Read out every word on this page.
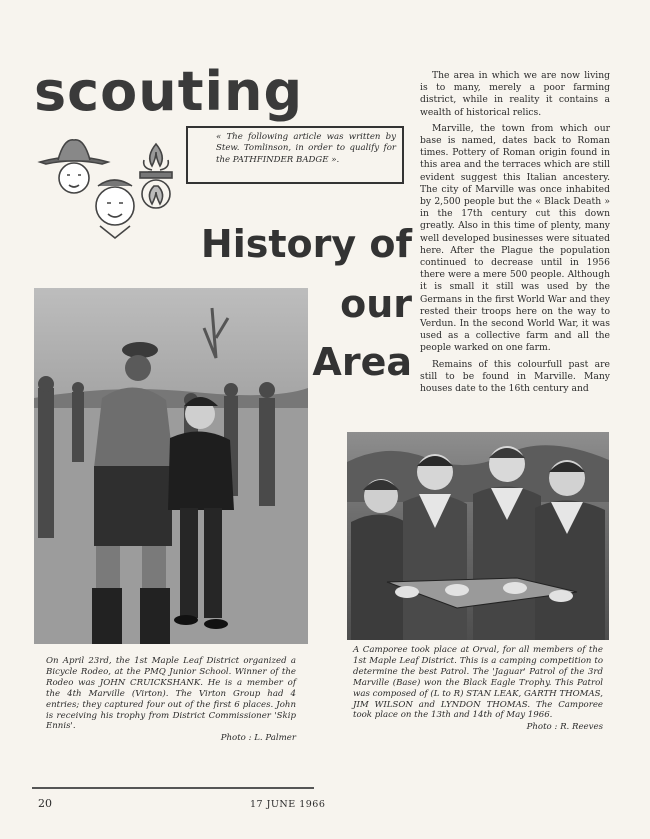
scouting
« The following article was written by Stew. Tomlinson, in order to qualify for the PATHFINDER BADGE ».
History of
our
Area

The area in which we are now living is to many, merely a poor farming district, while in reality it contains a wealth of historical relics.

Marville, the town from which our base is named, dates back to Roman times. Pottery of Roman origin found in this area and the terraces which are still evident suggest this Italian ancestery. The city of Marville was once inhabited by 2,500 people but the « Black Death » in the 17th century cut this down greatly. Also in this time of plenty, many well developed businesses were situated here. After the Plague the population continued to decrease until in 1956 there were a mere 500 people. Although it is small it still was used by the Germans in the first World War and they rested their troops here on the way to Verdun. In the second World War, it was used as a collective farm and all the people warked on one farm.

Remains of this colourfull past are still to be found in Marville. Many houses date to the 16th century and

On April 23rd, the 1st Maple Leaf District organized a Bicycle Rodeo, at the PMQ Junior School. Winner of the Rodeo was JOHN CRUICKSHANK. He is a member of the 4th Marville (Virton). The Virton Group had 4 entries; they captured four out of the first 6 places. John is receiving his trophy from District Commissioner 'Skip Ennis'.
Photo : L. Palmer
A Camporee took place at Orval, for all members of the 1st Maple Leaf District. This is a camping competition to determine the best Patrol. The 'Jaguar' Patrol of the 3rd Marville (Base) won the Black Eagle Trophy. This Patrol was composed of (L to R) STAN LEAK, GARTH THOMAS, JIM WILSON and LYNDON THOMAS. The Camporee took place on the 13th and 14th of May 1966.
Photo : R. Reeves
20	17 JUNE 1966
